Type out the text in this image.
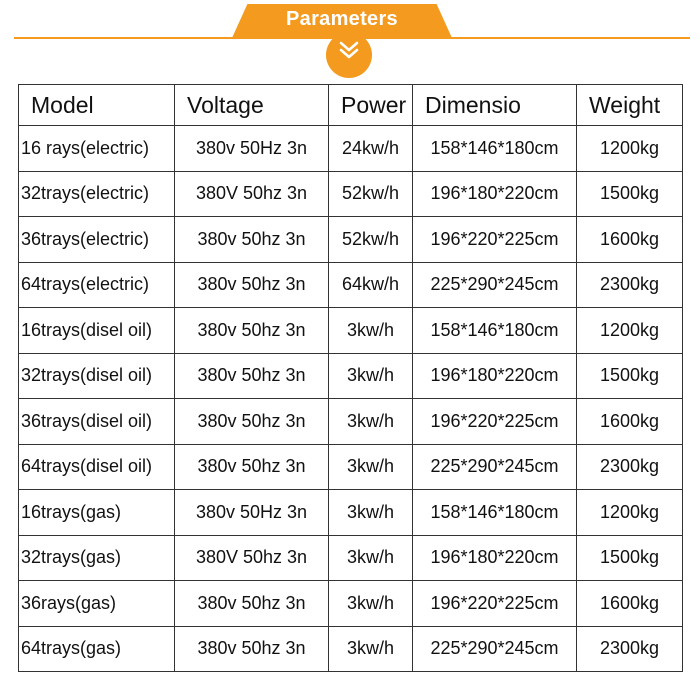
Parameters
Model	Voltage	Power	Dimensio	Weight
16 rays(electric)	380v 50Hz 3n	24kw/h	158*146*180cm	1200kg
32trays(electric)	380V 50hz 3n	52kw/h	196*180*220cm	1500kg
36trays(electric)	380v 50hz 3n	52kw/h	196*220*225cm	1600kg
64trays(electric)	380v 50hz 3n	64kw/h	225*290*245cm	2300kg
16trays(disel oil)	380v 50hz 3n	3kw/h	158*146*180cm	1200kg
32trays(disel oil)	380v 50hz 3n	3kw/h	196*180*220cm	1500kg
36trays(disel oil)	380v 50hz 3n	3kw/h	196*220*225cm	1600kg
64trays(disel oil)	380v 50hz 3n	3kw/h	225*290*245cm	2300kg
16trays(gas)	380v 50Hz 3n	3kw/h	158*146*180cm	1200kg
32trays(gas)	380V 50hz 3n	3kw/h	196*180*220cm	1500kg
36rays(gas)	380v 50hz 3n	3kw/h	196*220*225cm	1600kg
64trays(gas)	380v 50hz 3n	3kw/h	225*290*245cm	2300kg
